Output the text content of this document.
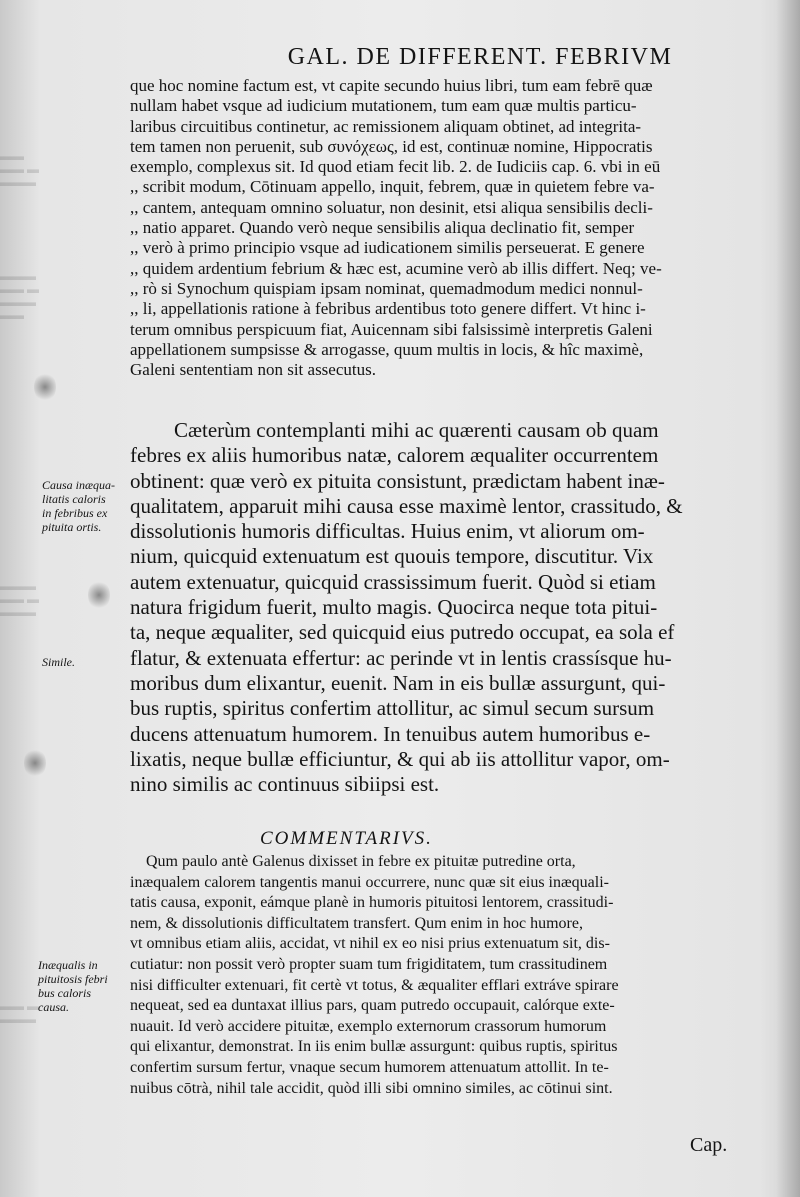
▬▬
▬▬ ▬
▬▬▬
▬▬▬
▬▬ ▬
▬▬▬
▬▬
▬▬▬
▬▬ ▬
▬▬▬
▬▬ ▬
▬▬▬
GAL. DE DIFFERENT. FEBRIVM
que hoc nomine factum est, vt capite secundo huius libri, tum eam febrē quæ
nullam habet vsque ad iudicium mutationem, tum eam quæ multis particu-
laribus circuitibus continetur, ac remissionem aliquam obtinet, ad integrita-
tem tamen non peruenit, sub συνόχεως, id est, continuæ nomine, Hippocratis
exemplo, complexus sit. Id quod etiam fecit lib. 2. de Iudiciis cap. 6. vbi in eū
,, scribit modum, Cōtinuam appello, inquit, febrem, quæ in quietem febre va-
,, cantem, antequam omnino soluatur, non desinit, etsi aliqua sensibilis decli-
,, natio apparet. Quando verò neque sensibilis aliqua declinatio fit, semper
,, verò à primo principio vsque ad iudicationem similis perseuerat. E genere
,, quidem ardentium febrium & hæc est, acumine verò ab illis differt. Neq; ve-
,, rò si Synochum quispiam ipsam nominat, quemadmodum medici nonnul-
,, li, appellationis ratione à febribus ardentibus toto genere differt. Vt hinc i-
terum omnibus perspicuum fiat, Auicennam sibi falsissimè interpretis Galeni
appellationem sumpsisse & arrogasse, quum multis in locis, & hîc maximè,
Galeni sententiam non sit assecutus.
Cæterùm contemplanti mihi ac quærenti causam ob quam
febres ex aliis humoribus natæ, calorem æqualiter occurrentem
obtinent: quæ verò ex pituita consistunt, prædictam habent inæ-
qualitatem, apparuit mihi causa esse maximè lentor, crassitudo, &
dissolutionis humoris difficultas. Huius enim, vt aliorum om-
nium, quicquid extenuatum est quouis tempore, discutitur. Vix
autem extenuatur, quicquid crassissimum fuerit. Quòd si etiam
natura frigidum fuerit, multo magis. Quocirca neque tota pitui-
ta, neque æqualiter, sed quicquid eius putredo occupat, ea sola ef
flatur, & extenuata effertur: ac perinde vt in lentis crassísque hu-
moribus dum elixantur, euenit. Nam in eis bullæ assurgunt, qui-
bus ruptis, spiritus confertim attollitur, ac simul secum sursum
ducens attenuatum humorem. In tenuibus autem humoribus e-
lixatis, neque bullæ efficiuntur, & qui ab iis attollitur vapor, om-
nino similis ac continuus sibiipsi est.
COMMENTARIVS.
Qum paulo antè Galenus dixisset in febre ex pituitæ putredine orta,
inæqualem calorem tangentis manui occurrere, nunc quæ sit eius inæquali-
tatis causa, exponit, eámque planè in humoris pituitosi lentorem, crassitudi-
nem, & dissolutionis difficultatem transfert. Qum enim in hoc humore,
vt omnibus etiam aliis, accidat, vt nihil ex eo nisi prius extenuatum sit, dis-
cutiatur: non possit verò propter suam tum frigiditatem, tum crassitudinem
nisi difficulter extenuari, fit certè vt totus, & æqualiter efflari extráve spirare
nequeat, sed ea duntaxat illius pars, quam putredo occupauit, calórque exte-
nuauit. Id verò accidere pituitæ, exemplo externorum crassorum humorum
qui elixantur, demonstrat. In iis enim bullæ assurgunt: quibus ruptis, spiritus
confertim sursum fertur, vnaque secum humorem attenuatum attollit. In te-
nuibus cōtrà, nihil tale accidit, quòd illi sibi omnino similes, ac cōtinui sint.
Cap.
Causa inæqua-
litatis caloris
in febribus ex
pituita ortis.
Simile.
Inæqualis in
pituitosis febri
bus caloris
causa.
